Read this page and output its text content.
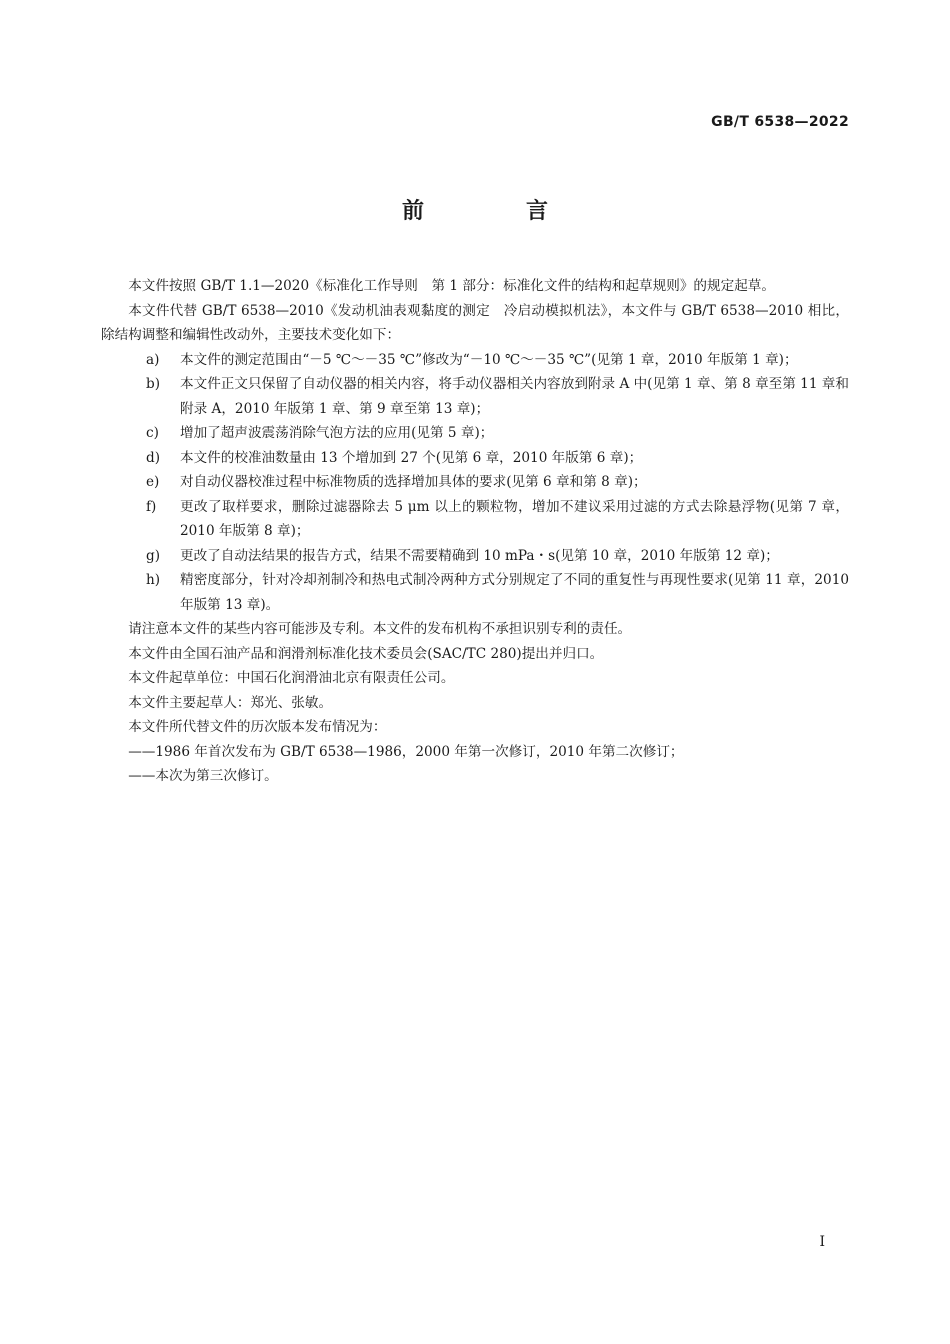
GB/T 6538—2022
前　言

本文件按照 GB/T 1.1—2020《标准化工作导则　第 1 部分：标准化文件的结构和起草规则》的规定起草。

本文件代替 GB/T 6538—2010《发动机油表观黏度的测定　冷启动模拟机法》，本文件与 GB/T 6538—2010 相比，除结构调整和编辑性改动外，主要技术变化如下：

a)	本文件的测定范围由“－5 ℃～－35 ℃”修改为“－10 ℃～－35 ℃”(见第 1 章，2010 年版第 1 章)；
b)	本文件正文只保留了自动仪器的相关内容，将手动仪器相关内容放到附录 A 中(见第 1 章、第 8 章至第 11 章和附录 A，2010 年版第 1 章、第 9 章至第 13 章)；
c)	增加了超声波震荡消除气泡方法的应用(见第 5 章)；
d)	本文件的校准油数量由 13 个增加到 27 个(见第 6 章，2010 年版第 6 章)；
e)	对自动仪器校准过程中标准物质的选择增加具体的要求(见第 6 章和第 8 章)；
f)	更改了取样要求，删除过滤器除去 5 μm 以上的颗粒物，增加不建议采用过滤的方式去除悬浮物(见第 7 章，2010 年版第 8 章)；
g)	更改了自动法结果的报告方式，结果不需要精确到 10 mPa・s(见第 10 章，2010 年版第 12 章)；
h)	精密度部分，针对冷却剂制冷和热电式制冷两种方式分别规定了不同的重复性与再现性要求(见第 11 章，2010 年版第 13 章)。

请注意本文件的某些内容可能涉及专利。本文件的发布机构不承担识别专利的责任。

本文件由全国石油产品和润滑剂标准化技术委员会(SAC/TC 280)提出并归口。

本文件起草单位：中国石化润滑油北京有限责任公司。

本文件主要起草人：郑光、张敏。

本文件所代替文件的历次版本发布情况为：

——1986 年首次发布为 GB/T 6538—1986，2000 年第一次修订，2010 年第二次修订；

——本次为第三次修订。

I
